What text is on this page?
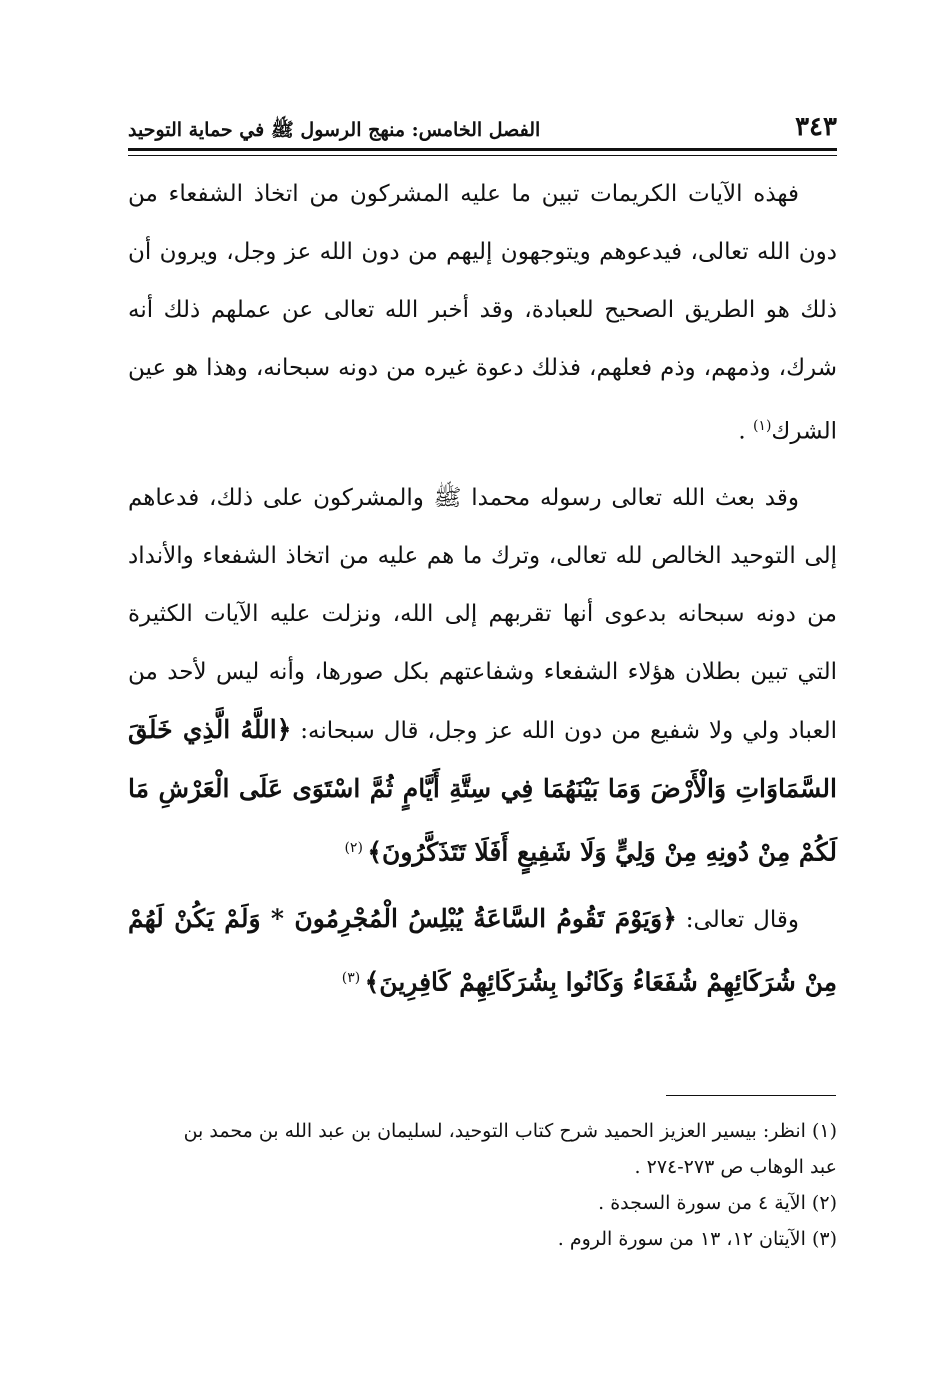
٣٤٣
الفصل الخامس: منهج الرسول ﷺ في حماية التوحيد

فهذه الآيات الكريمات تبين ما عليه المشركون من اتخاذ الشفعاء من دون الله تعالى، فيدعوهم ويتوجهون إليهم من دون الله عز وجل، ويرون أن ذلك هو الطريق الصحيح للعبادة، وقد أخبر الله تعالى عن عملهم ذلك أنه شرك، وذمهم، وذم فعلهم، فذلك دعوة غيره من دونه سبحانه، وهذا هو عين الشرك$^{(١)}$ .

وقد بعث الله تعالى رسوله محمدا ﷺ والمشركون على ذلك، فدعاهم إلى التوحيد الخالص لله تعالى، وترك ما هم عليه من اتخاذ الشفعاء والأنداد من دونه سبحانه بدعوى أنها تقربهم إلى الله، ونزلت عليه الآيات الكثيرة التي تبين بطلان هؤلاء الشفعاء وشفاعتهم بكل صورها، وأنه ليس لأحد من العباد ولي ولا شفيع من دون الله عز وجل، قال سبحانه: ﴿اللَّهُ الَّذِي خَلَقَ السَّمَاوَاتِ وَالْأَرْضَ وَمَا بَيْنَهُمَا فِي سِتَّةِ أَيَّامٍ ثُمَّ اسْتَوَى عَلَى الْعَرْشِ مَا لَكُمْ مِنْ دُونِهِ مِنْ وَلِيٍّ وَلَا شَفِيعٍ أَفَلَا تَتَذَكَّرُونَ﴾ $^{(٢)}$

وقال تعالى: ﴿وَيَوْمَ تَقُومُ السَّاعَةُ يُبْلِسُ الْمُجْرِمُونَ * وَلَمْ يَكُنْ لَهُمْ مِنْ شُرَكَائِهِمْ شُفَعَاءُ وَكَانُوا بِشُرَكَائِهِمْ كَافِرِينَ﴾ $^{(٣)}$

(١) انظر: بيسير العزيز الحميد شرح كتاب التوحيد، لسليمان بن عبد الله بن محمد بن

عبد الوهاب ص ٢٧٣-٢٧٤ .

(٢) الآية ٤ من سورة السجدة .

(٣) الآيتان ١٢، ١٣ من سورة الروم .
